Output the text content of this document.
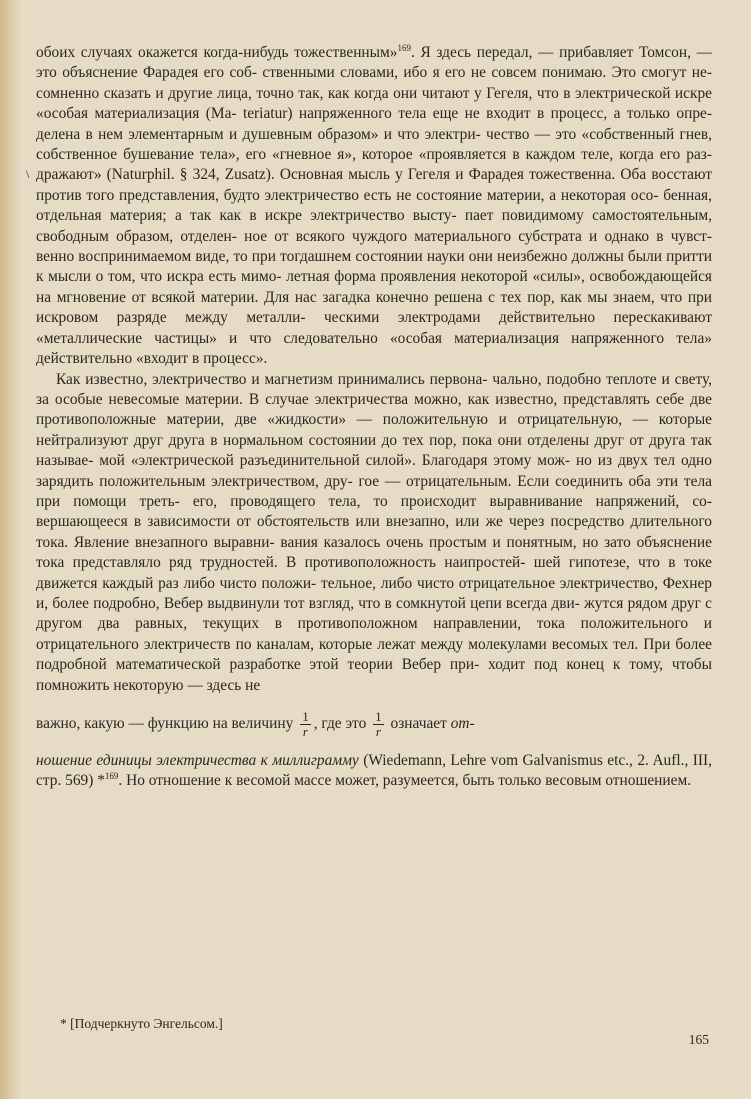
\

обоих случаях окажется когда-нибудь тожественным»$^{169}$. Я здесь передал, — прибавляет Томсон, — это объяснение Фарадея его соб- ственными словами, ибо я его не совсем понимаю. Это смогут не- сомненно сказать и другие лица, точно так, как когда они читают у Гегеля, что в электрической искре «особая материализация (Ma- teriatur) напряженного тела еще не входит в процесс, а только опре- делена в нем элементарным и душевным образом» и что электри- чество — это «собственный гнев, собственное бушевание тела», его «гневное я», которое «проявляется в каждом теле, когда его раз- дражают» (Naturphil. § 324, Zusatz). Основная мысль у Гегеля и Фарадея тожественна. Оба восстают против того представления, будто электричество есть не состояние материи, а некоторая осо- бенная, отдельная материя; а так как в искре электричество высту- пает повидимому самостоятельным, свободным образом, отделен- ное от всякого чуждого материального субстрата и однако в чувст- венно воспринимаемом виде, то при тогдашнем состоянии науки они неизбежно должны были притти к мысли о том, что искра есть мимо- летная форма проявления некоторой «силы», освобождающейся на мгновение от всякой материи. Для нас загадка конечно решена с тех пор, как мы знаем, что при искровом разряде между металли- ческими электродами действительно перескакивают «металлические частицы» и что следовательно «особая материализация напряженного тела» действительно «входит в процесс».

Как известно, электричество и магнетизм принимались первона- чально, подобно теплоте и свету, за особые невесомые материи. В случае электричества можно, как известно, представлять себе две противоположные материи, две «жидкости» — положительную и отрицательную, — которые нейтрализуют друг друга в нормальном состоянии до тех пор, пока они отделены друг от друга так называе- мой «электрической разъединительной силой». Благодаря этому мож- но из двух тел одно зарядить положительным электричеством, дру- гое — отрицательным. Если соединить оба эти тела при помощи треть- его, проводящего тела, то происходит выравнивание напряжений, со- вершающееся в зависимости от обстоятельств или внезапно, или же через посредство длительного тока. Явление внезапного выравни- вания казалось очень простым и понятным, но зато объяснение тока представляло ряд трудностей. В противоположность наипростей- шей гипотезе, что в токе движется каждый раз либо чисто положи- тельное, либо чисто отрицательное электричество, Фехнер и, более подробно, Вебер выдвинули тот взгляд, что в сомкнутой цепи всегда дви- жутся рядом друг с другом два равных, текущих в противоположном направлении, тока положительного и отрицательного электричеств по каналам, которые лежат между молекулами весомых тел. При более подробной математической разработке этой теории Вебер при- ходит под конец к тому, чтобы помножить некоторую — здесь не

важно, какую — функцию на величину $\frac{1}{r}$ , где это $\frac{1}{r}$ означает от-

ношение единицы электричества к миллиграмму (Wiedemann, Lehre vom Galvanismus etc., 2. Aufl., III, стр. 569) *$^{169}$. Но отношение к весомой массе может, разумеется, быть только весовым отношением.

* [Подчеркнуто Энгельсом.]
165
